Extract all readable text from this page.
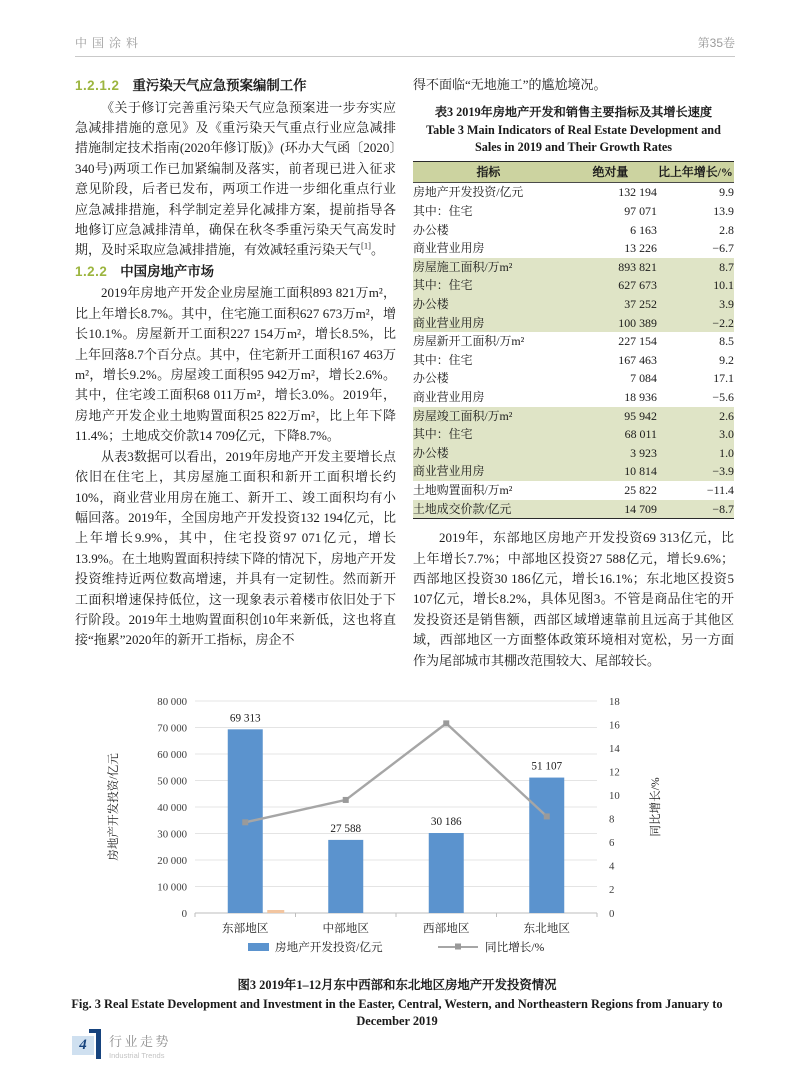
中国涂料	第35卷
1.2.1.2 重污染天气应急预案编制工作

《关于修订完善重污染天气应急预案进一步夯实应急减排措施的意见》及《重污染天气重点行业应急减排措施制定技术指南(2020年修订版)》(环办大气函〔2020〕340号)两项工作已加紧编制及落实，前者现已进入征求意见阶段，后者已发布，两项工作进一步细化重点行业应急减排措施，科学制定差异化减排方案，提前指导各地修订应急减排清单，确保在秋冬季重污染天气高发时期，及时采取应急减排措施，有效减轻重污染天气[1]。

1.2.2 中国房地产市场

2019年房地产开发企业房屋施工面积893 821万m²，比上年增长8.7%。其中，住宅施工面积627 673万m²，增长10.1%。房屋新开工面积227 154万m²，增长8.5%，比上年回落8.7个百分点。其中，住宅新开工面积167 463万m²，增长9.2%。房屋竣工面积95 942万m²，增长2.6%。其中，住宅竣工面积68 011万m²，增长3.0%。2019年，房地产开发企业土地购置面积25 822万m²，比上年下降11.4%；土地成交价款14 709亿元，下降8.7%。

从表3数据可以看出，2019年房地产开发主要增长点依旧在住宅上，其房屋施工面积和新开工面积增长约10%，商业营业用房在施工、新开工、竣工面积均有小幅回落。2019年，全国房地产开发投资132 194亿元，比上年增长9.9%，其中，住宅投资97 071亿元，增长13.9%。在土地购置面积持续下降的情况下，房地产开发投资维持近两位数高增速，并具有一定韧性。然而新开工面积增速保持低位，这一现象表示着楼市依旧处于下行阶段。2019年土地购置面积创10年来新低，这也将直接“拖累”2020年的新开工指标，房企不

得不面临“无地施工”的尴尬境况。

表3 2019年房地产开发和销售主要指标及其增长速度
Table 3 Main Indicators of Real Estate Development and Sales in 2019 and Their Growth Rates
指标	绝对量	比上年增长/%
房地产开发投资/亿元	132 194	9.9
其中：住宅	97 071	13.9
办公楼	6 163	2.8
商业营业用房	13 226	−6.7
房屋施工面积/万m²	893 821	8.7
其中：住宅	627 673	10.1
办公楼	37 252	3.9
商业营业用房	100 389	−2.2
房屋新开工面积/万m²	227 154	8.5
其中：住宅	167 463	9.2
办公楼	7 084	17.1
商业营业用房	18 936	−5.6
房屋竣工面积/万m²	95 942	2.6
其中：住宅	68 011	3.0
办公楼	3 923	1.0
商业营业用房	10 814	−3.9
土地购置面积/万m²	25 822	−11.4
土地成交价款/亿元	14 709	−8.7

2019年，东部地区房地产开发投资69 313亿元，比上年增长7.7%；中部地区投资27 588亿元，增长9.6%；西部地区投资30 186亿元，增长16.1%；东北地区投资5 107亿元，增长8.2%，具体见图3。不管是商品住宅的开发投资还是销售额，西部区域增速靠前且远高于其他区域，西部地区一方面整体政策环境相对宽松，另一方面作为尾部城市其棚改范围较大、尾部较长。

0
10 000
20 000
30 000
40 000
50 000
60 000
70 000
80 000
0
2
4
6
8
10
12
14
16
18
69 313
27 588
30 186
51 107
东部地区	中部地区	西部地区	东北地区
房地产开发投资/亿元	同比增长/%
房地产开发投资/亿元	同比增长/%
图3 2019年1–12月东中西部和东北地区房地产开发投资情况
Fig. 3 Real Estate Development and Investment in the Easter, Central, Western, and Northeastern Regions from January to December 2019
4 行业走势
Industrial Trends
